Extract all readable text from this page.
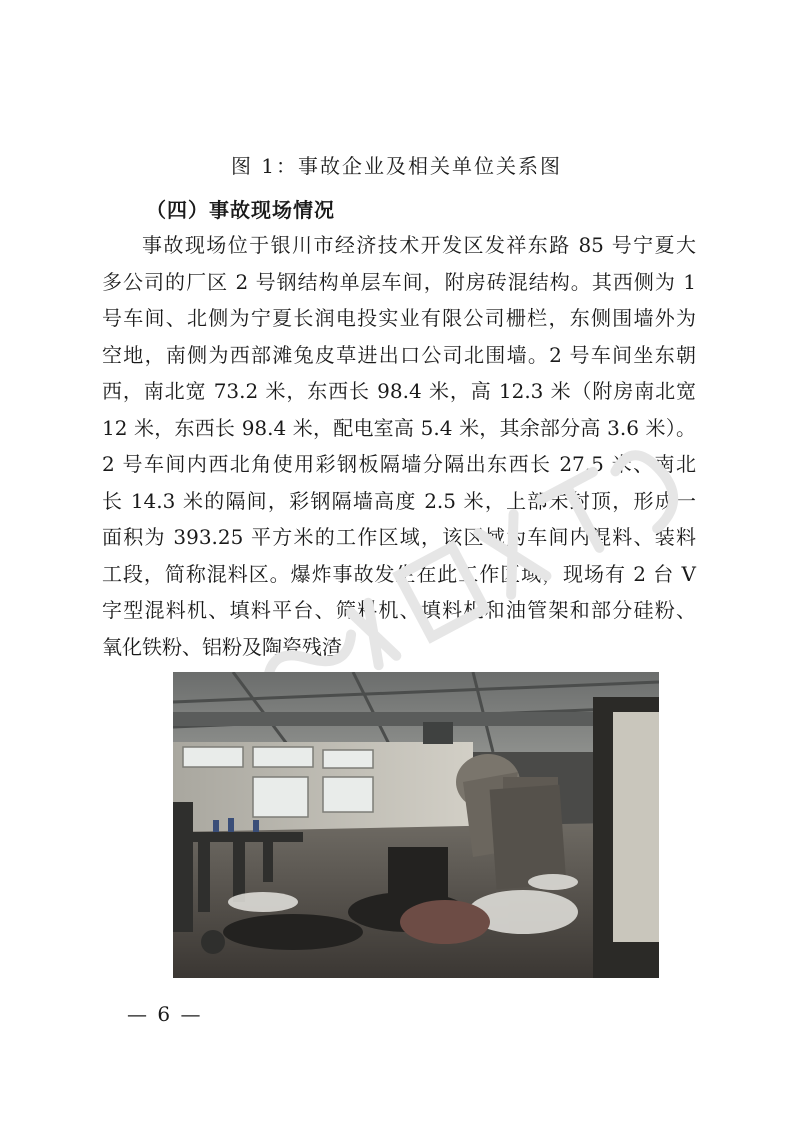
图 1：事故企业及相关单位关系图
（四）事故现场情况
事故现场位于银川市经济技术开发区发祥东路 85 号宁夏大
多公司的厂区 2 号钢结构单层车间，附房砖混结构。其西侧为 1
号车间、北侧为宁夏长润电投实业有限公司栅栏，东侧围墙外为
空地，南侧为西部滩兔皮草进出口公司北围墙。2 号车间坐东朝
西，南北宽 73.2 米，东西长 98.4 米，高 12.3 米（附房南北宽
12 米，东西长 98.4 米，配电室高 5.4 米，其余部分高 3.6 米）。
2 号车间内西北角使用彩钢板隔墙分隔出东西长 27.5 米、南北
长 14.3 米的隔间，彩钢隔墙高度 2.5 米，上部未封顶，形成一
面积为 393.25 平方米的工作区域，该区域为车间内混料、装料
工段，简称混料区。爆炸事故发生在此工作区域，现场有 2 台 V
字型混料机、填料平台、筛料机、填料机和油管架和部分硅粉、
氧化铁粉、铝粉及陶瓷残渣。
— 6 —
